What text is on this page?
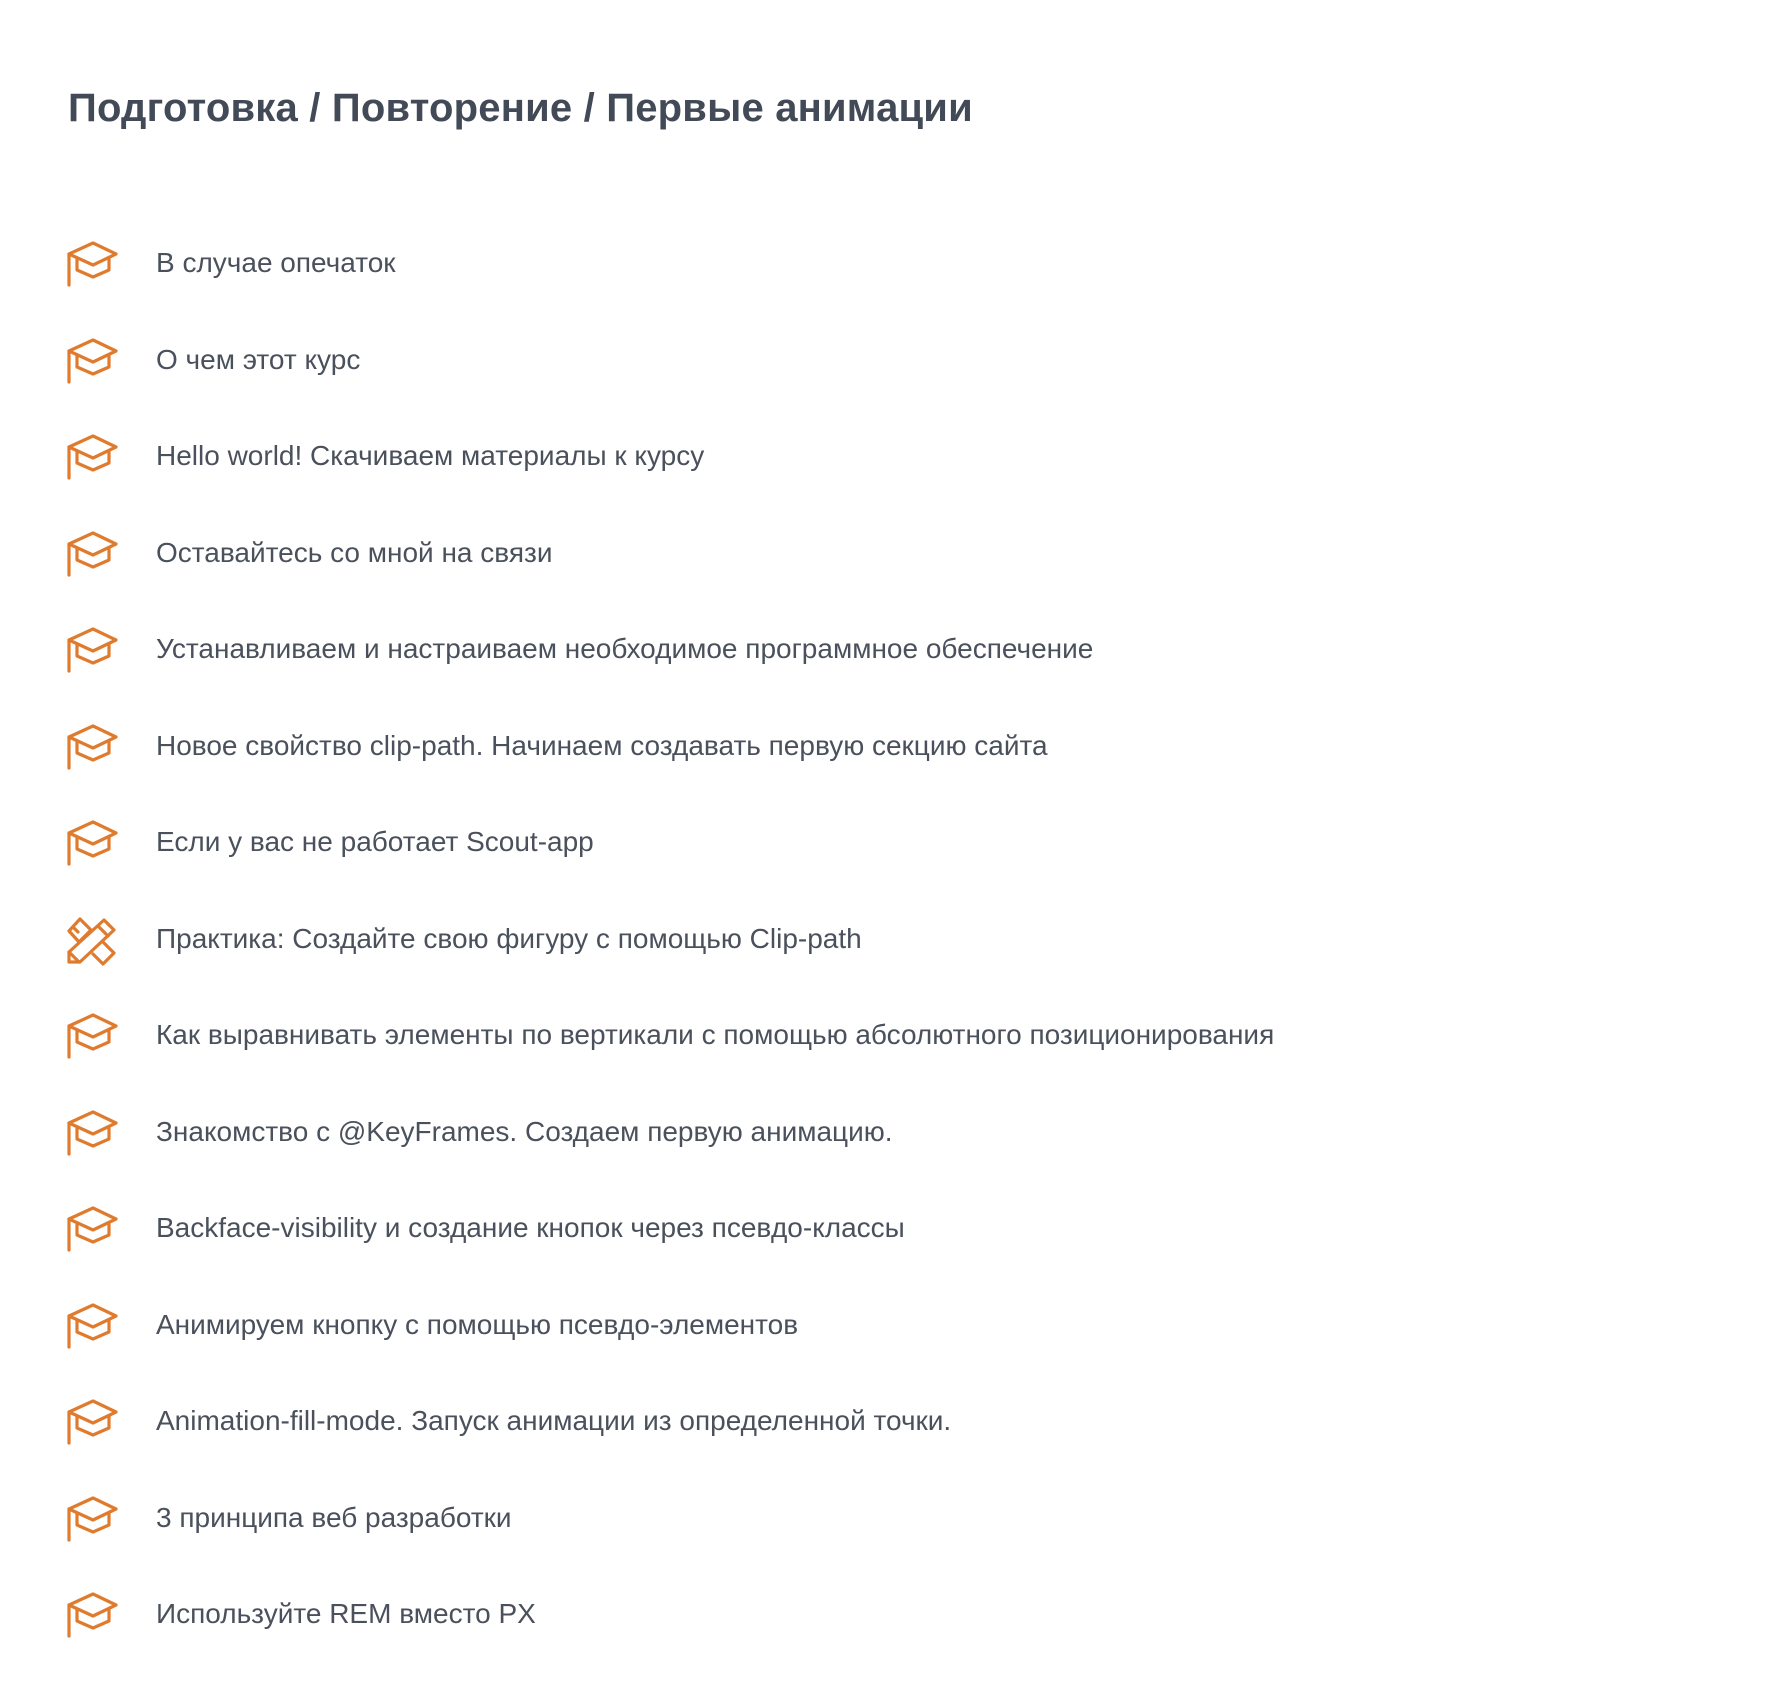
Подготовка / Повторение / Первые анимации
В случае опечаток
О чем этот курс
Hello world! Скачиваем материалы к курсу
Оставайтесь со мной на связи
Устанавливаем и настраиваем необходимое программное обеспечение
Новое свойство clip-path. Начинаем создавать первую секцию сайта
Если у вас не работает Scout-app
Практика: Создайте свою фигуру с помощью Clip-path
Как выравнивать элементы по вертикали с помощью абсолютного позиционирования
Знакомство с @KeyFrames. Создаем первую анимацию.
Backface-visibility и создание кнопок через псевдо-классы
Анимируем кнопку с помощью псевдо-элементов
Animation-fill-mode. Запуск анимации из определенной точки.
3 принципа веб разработки
Используйте REM вместо PX
